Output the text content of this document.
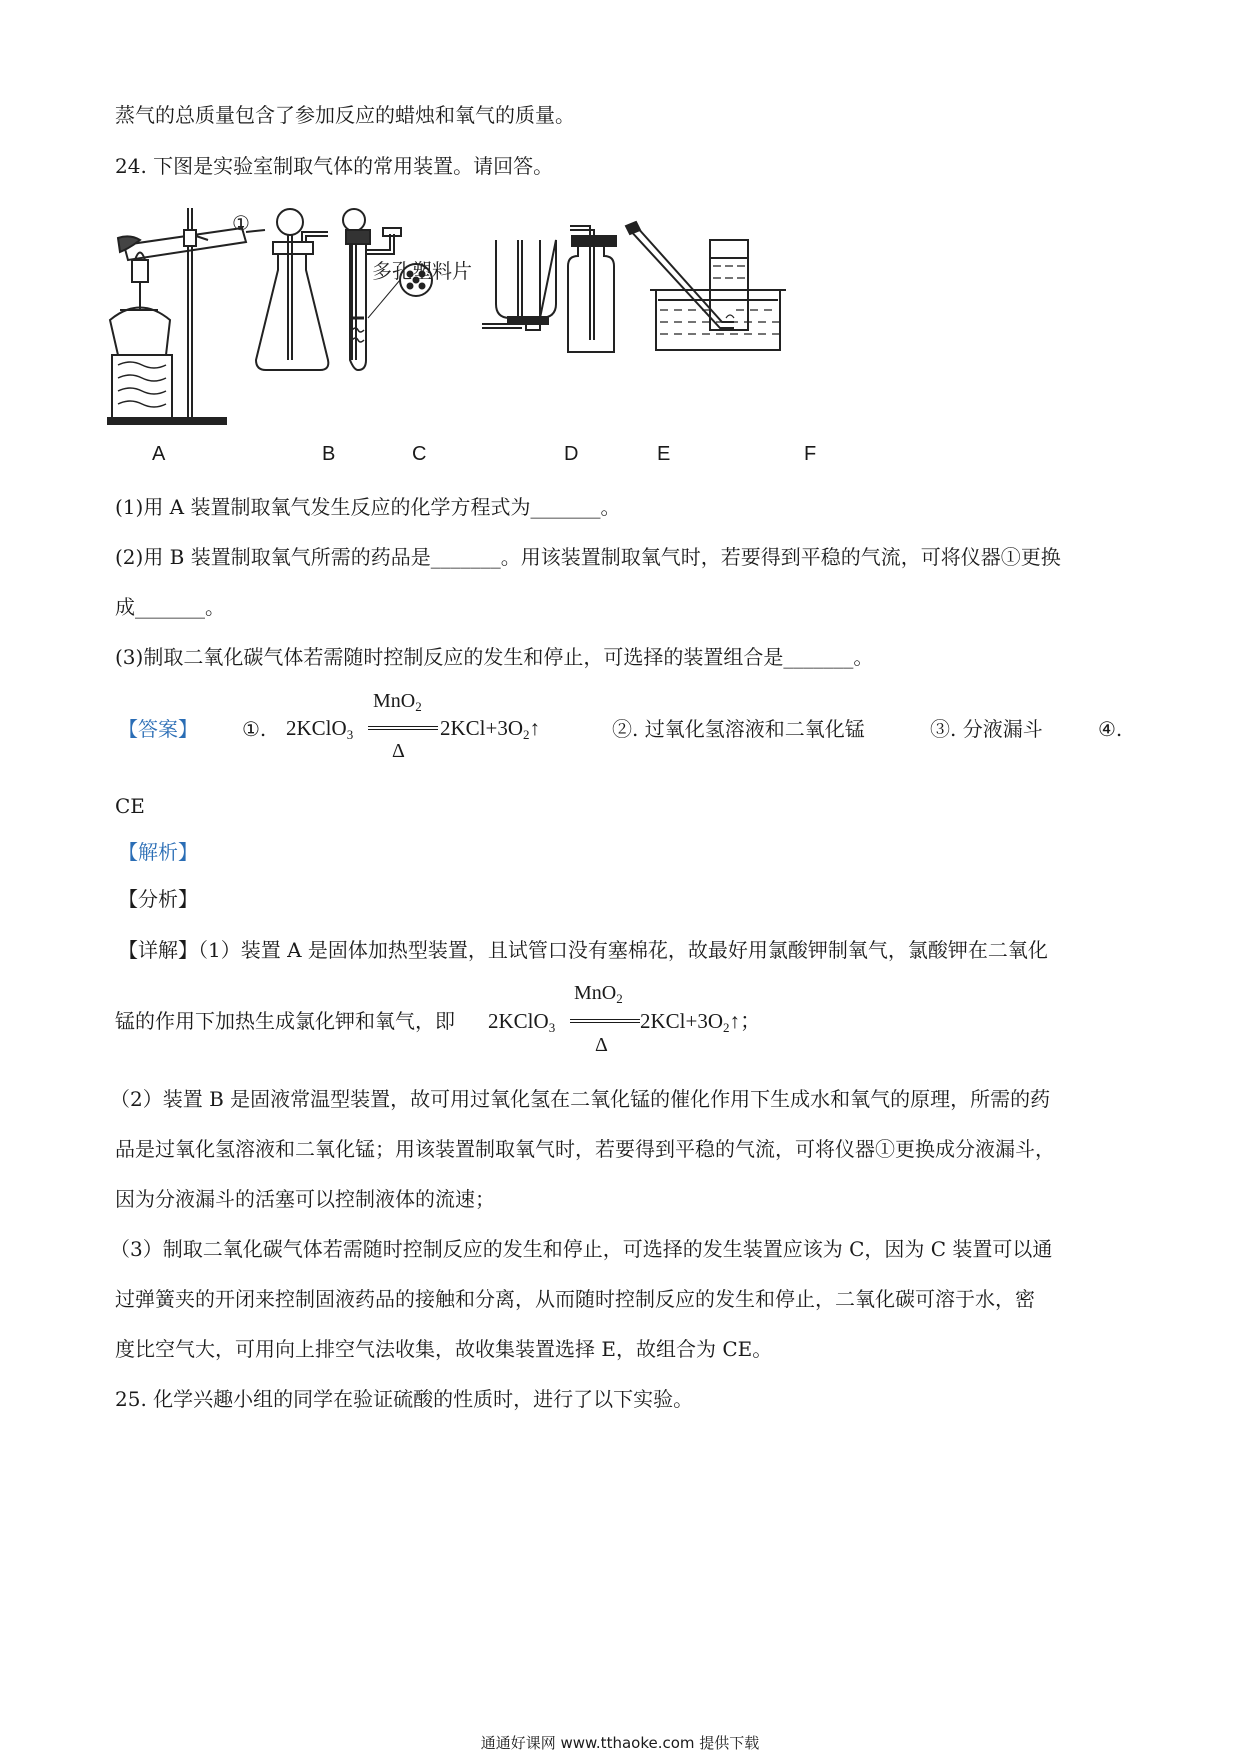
蒸气的总质量包含了参加反应的蜡烛和氧气的质量。
24. 下图是实验室制取气体的常用装置。请回答。
①
多孔塑料片
A	B	C	D	E	F
(1)用 A 装置制取氧气发生反应的化学方程式为_______。
(2)用 B 装置制取氧气所需的药品是_______。用该装置制取氧气时，若要得到平稳的气流，可将仪器①更换
成_______。
(3)制取二氧化碳气体若需随时控制反应的发生和停止，可选择的装置组合是_______。
【答案】 ①. 2KClO$_3$
MnO$_2$
Δ
$2KCl+3O_2↑$	②. 过氧化氢溶液和二氧化锰	③. 分液漏斗	④.
CE
【解析】
【分析】
【详解】（1）装置 A 是固体加热型装置，且试管口没有塞棉花，故最好用氯酸钾制氧气，氯酸钾在二氧化
锰的作用下加热生成氯化钾和氧气，即 2KClO$_3$
MnO$_2$
Δ
$2KCl+3O_2↑$；
（2）装置 B 是固液常温型装置，故可用过氧化氢在二氧化锰的催化作用下生成水和氧气的原理，所需的药
品是过氧化氢溶液和二氧化锰；用该装置制取氧气时，若要得到平稳的气流，可将仪器①更换成分液漏斗，
因为分液漏斗的活塞可以控制液体的流速；
（3）制取二氧化碳气体若需随时控制反应的发生和停止，可选择的发生装置应该为 C，因为 C 装置可以通
过弹簧夹的开闭来控制固液药品的接触和分离，从而随时控制反应的发生和停止，二氧化碳可溶于水，密
度比空气大，可用向上排空气法收集，故收集装置选择 E，故组合为 CE。
25. 化学兴趣小组的同学在验证硫酸的性质时，进行了以下实验。
通通好课网 www.tthaoke.com 提供下载
